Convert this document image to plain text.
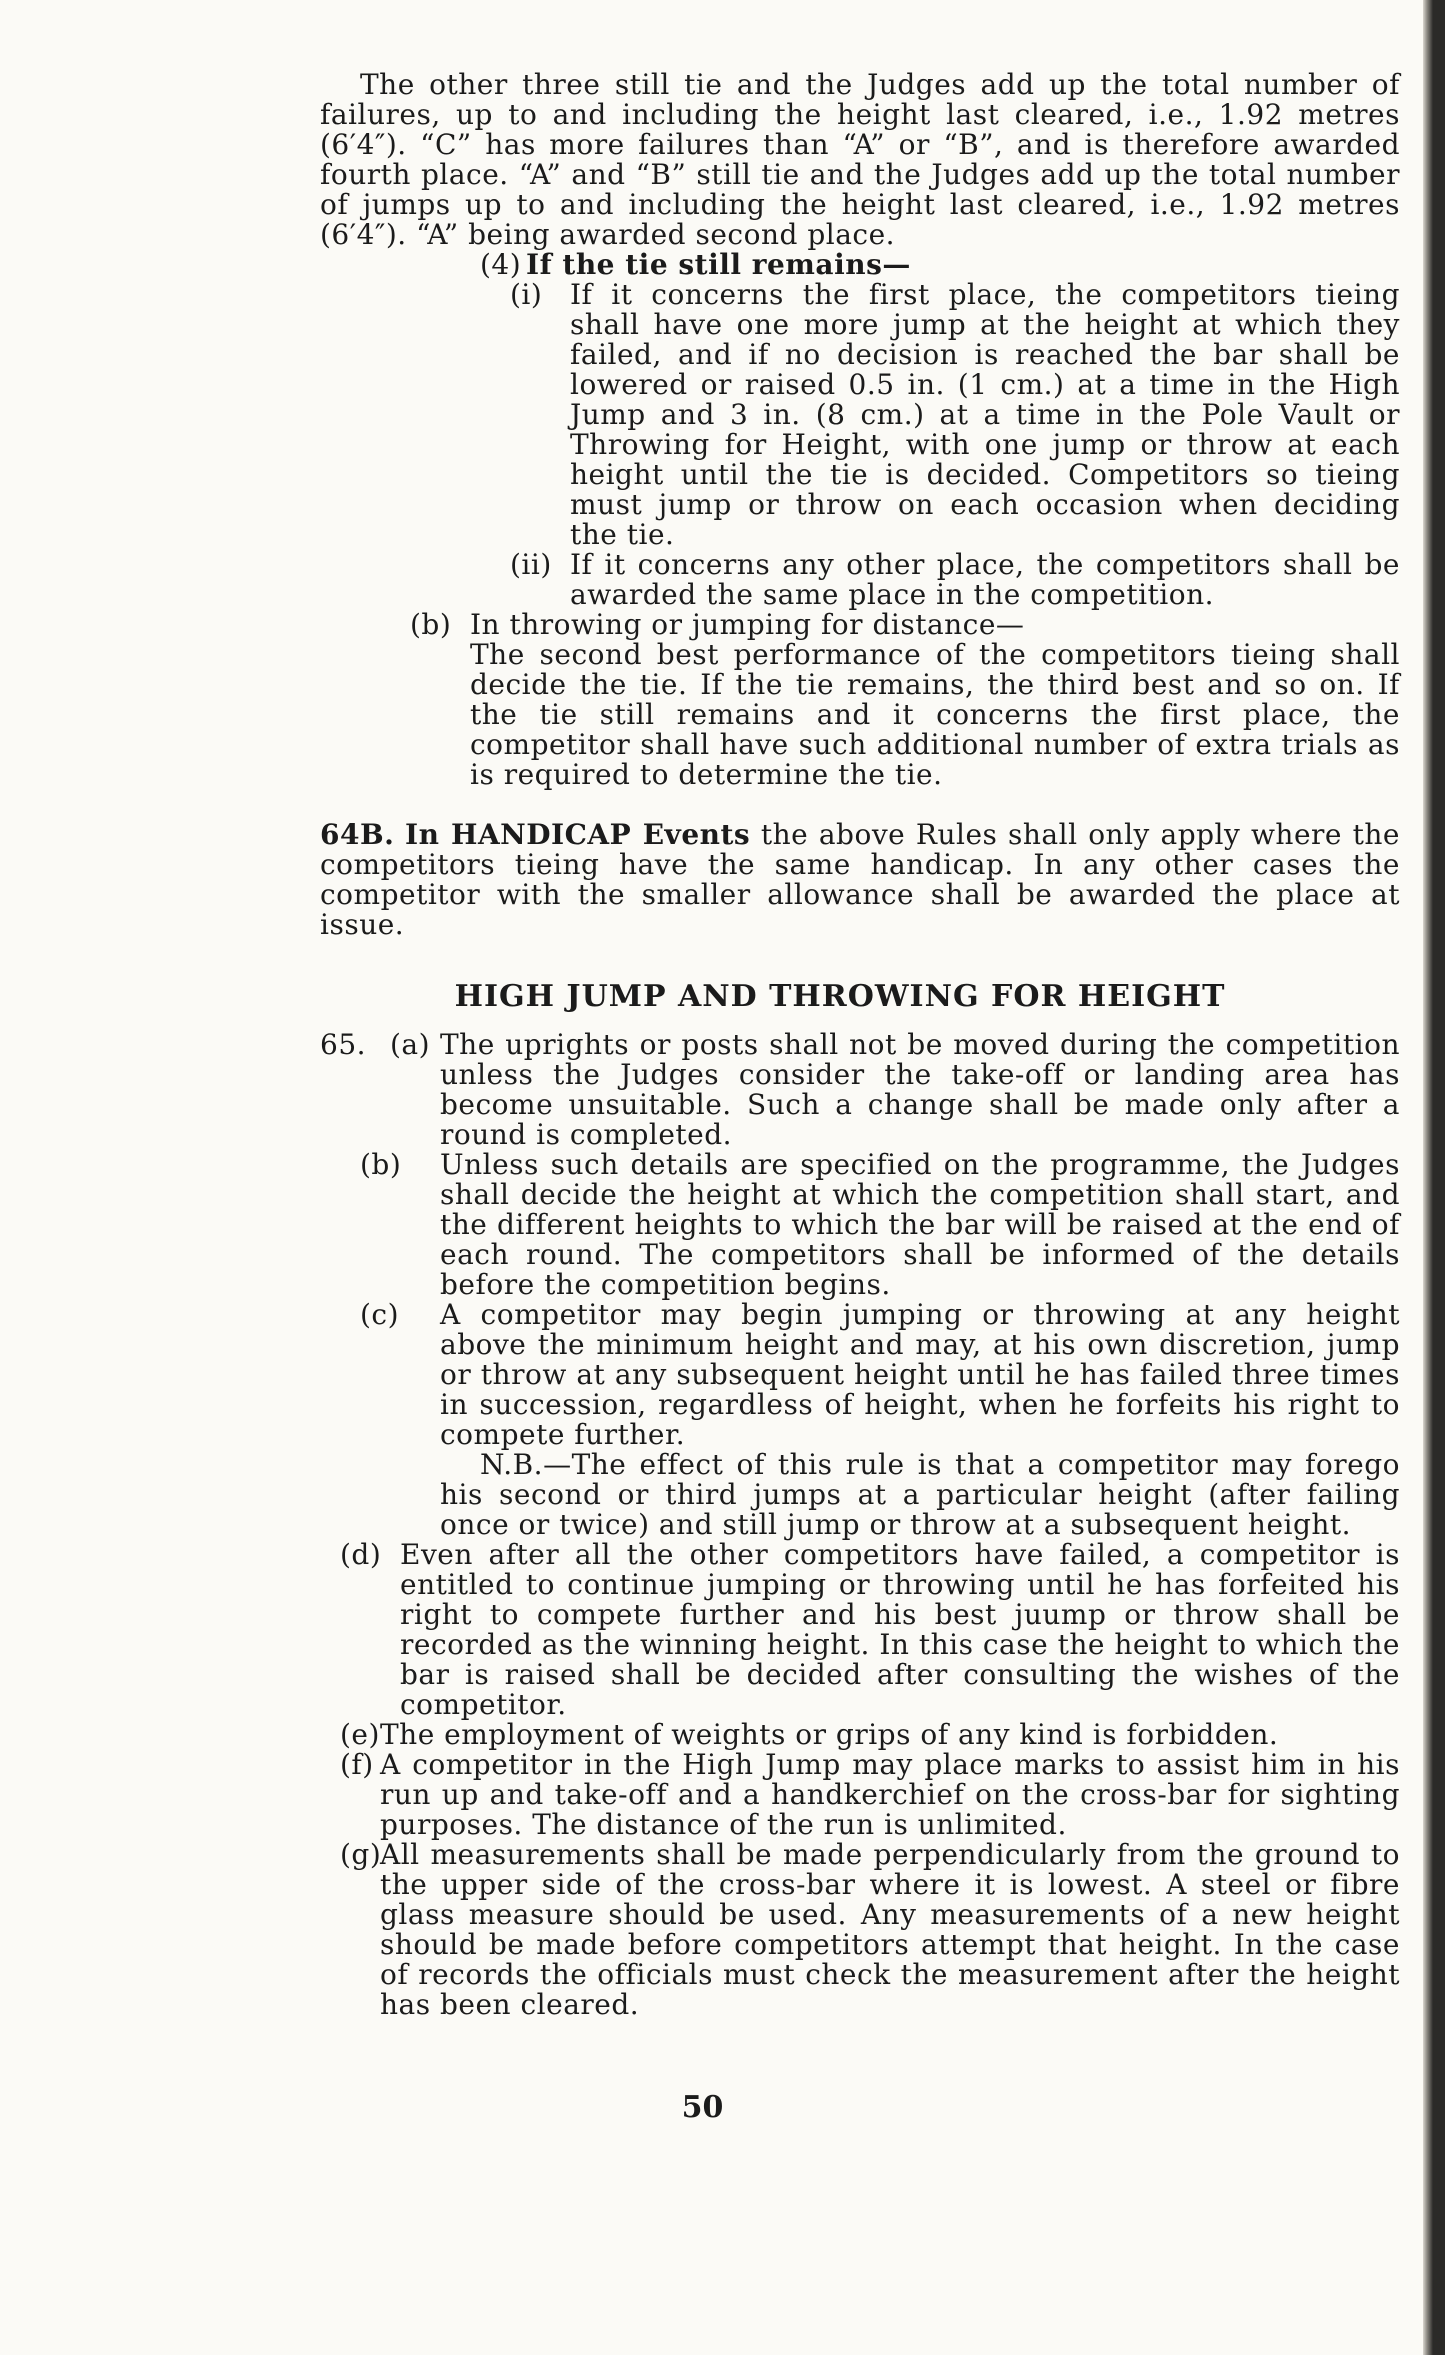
The other three still tie and the Judges add up the total number of failures, up to and including the height last cleared, i.e., 1.92 metres (6′4″). “C” has more failures than “A” or “B”, and is therefore awarded fourth place. “A” and “B” still tie and the Judges add up the total number of jumps up to and including the height last cleared, i.e., 1.92 metres (6′4″). “A” being awarded second place.

(4) If the tie still remains—
(i) If it concerns the first place, the competitors tieing shall have one more jump at the height at which they failed, and if no decision is reached the bar shall be lowered or raised 0.5 in. (1 cm.) at a time in the High Jump and 3 in. (8 cm.) at a time in the Pole Vault or Throwing for Height, with one jump or throw at each height until the tie is decided. Competitors so tieing must jump or throw on each occasion when deciding the tie.
(ii) If it concerns any other place, the competitors shall be awarded the same place in the competition.
(b) In throwing or jumping for distance—
The second best performance of the competitors tieing shall decide the tie. If the tie remains, the third best and so on. If the tie still remains and it concerns the first place, the competitor shall have such additional number of extra trials as is required to determine the tie.

64B. In HANDICAP Events the above Rules shall only apply where the competitors tieing have the same handicap. In any other cases the competitor with the smaller allowance shall be awarded the place at issue.

HIGH JUMP AND THROWING FOR HEIGHT
65. (a) The uprights or posts shall not be moved during the competition unless the Judges consider the take-off or landing area has become unsuitable. Such a change shall be made only after a round is completed.
(b)	Unless such details are specified on the programme, the Judges shall decide the height at which the competition shall start, and the different heights to which the bar will be raised at the end of each round. The competitors shall be informed of the details before the competition begins.
(c)	A competitor may begin jumping or throwing at any height above the minimum height and may, at his own discretion, jump or throw at any subsequent height until he has failed three times in succession, regardless of height, when he forfeits his right to compete further.
N.B.—The effect of this rule is that a competitor may forego his second or third jumps at a particular height (after failing once or twice) and still jump or throw at a subsequent height.
(d) Even after all the other competitors have failed, a competitor is entitled to continue jumping or throwing until he has forfeited his right to compete further and his best juump or throw shall be recorded as the winning height. In this case the height to which the bar is raised shall be decided after consulting the wishes of the competitor.
(e) The employment of weights or grips of any kind is forbidden.
(f) A competitor in the High Jump may place marks to assist him in his run up and take-off and a handkerchief on the cross-bar for sighting purposes. The distance of the run is unlimited.
(g)
All measurements shall be made perpendicularly from the ground to the upper side of the cross-bar where it is lowest. A steel or fibre glass measure should be used. Any measurements of a new height should be made before competitors attempt that height. In the case of records the officials must check the measurement after the height has been cleared.
50
